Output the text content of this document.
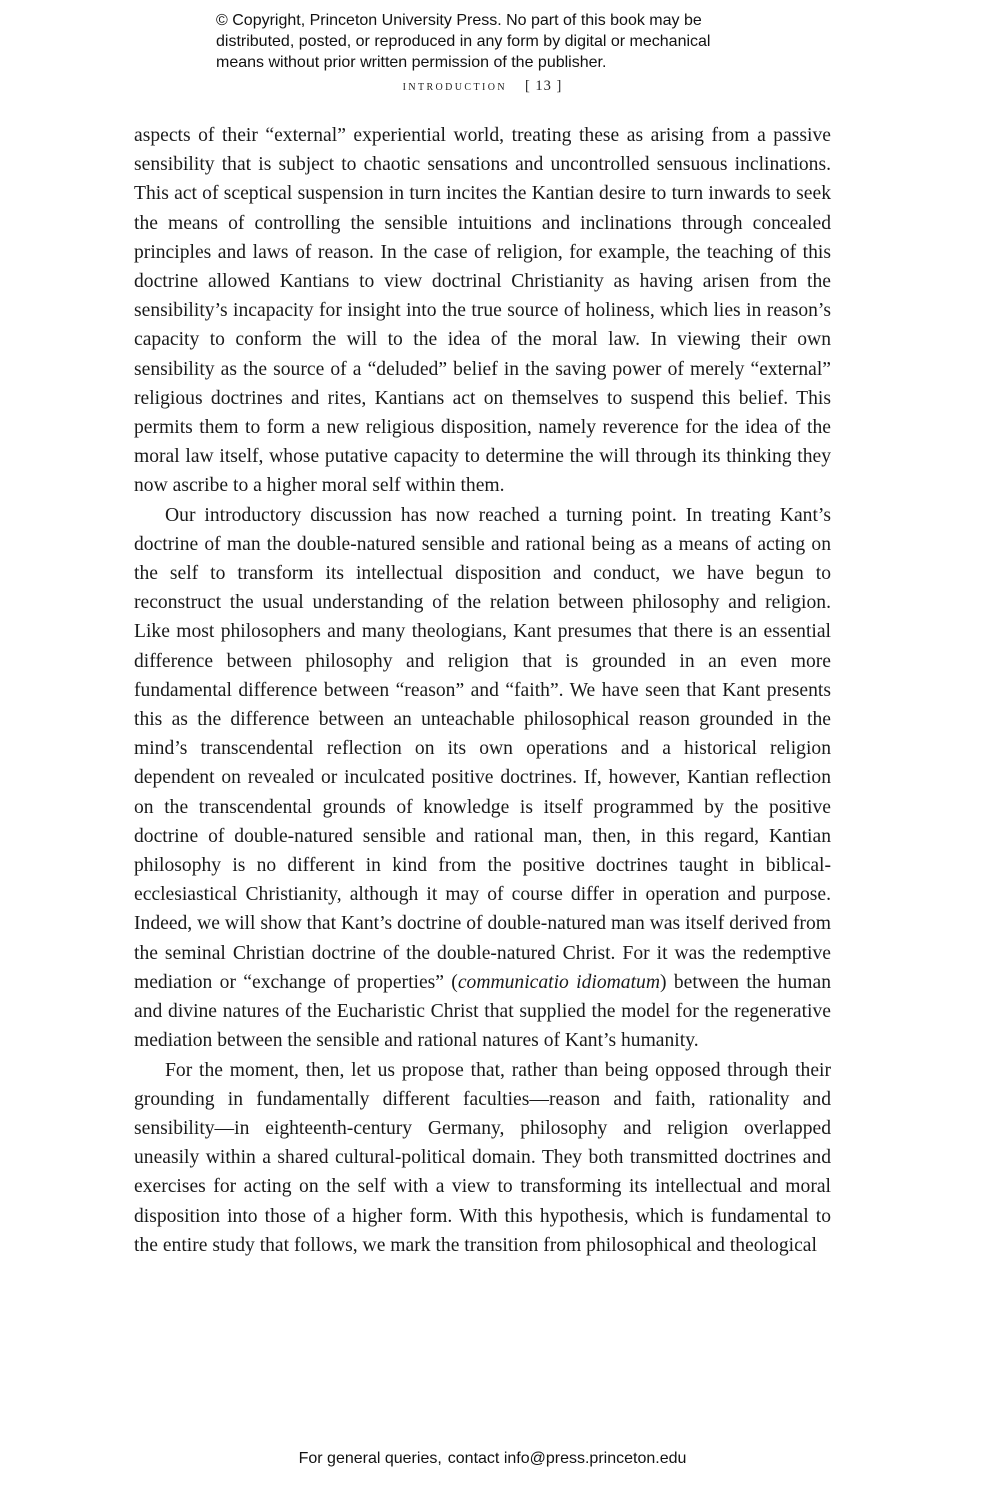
© Copyright, Princeton University Press. No part of this book may be
distributed, posted, or reproduced in any form by digital or mechanical
means without prior written permission of the publisher.
introduction [ 13 ]

aspects of their “external” experiential world, treating these as arising from a passive sensibility that is subject to chaotic sensations and uncontrolled sensuous inclinations. This act of sceptical suspension in turn incites the Kantian desire to turn inwards to seek the means of controlling the sensible intuitions and inclinations through concealed principles and laws of reason. In the case of religion, for example, the teaching of this doctrine allowed Kantians to view doctrinal Christianity as having arisen from the sensibility’s incapacity for insight into the true source of holiness, which lies in reason’s capacity to conform the will to the idea of the moral law. In viewing their own sensibility as the source of a “deluded” belief in the saving power of merely “external” religious doctrines and rites, Kantians act on themselves to suspend this belief. This permits them to form a new religious disposition, namely reverence for the idea of the moral law itself, whose putative capacity to determine the will through its thinking they now ascribe to a higher moral self within them.

Our introductory discussion has now reached a turning point. In treating Kant’s doctrine of man the double-natured sensible and rational being as a means of acting on the self to transform its intellectual disposition and conduct, we have begun to reconstruct the usual understanding of the relation between philosophy and religion. Like most philosophers and many theologians, Kant presumes that there is an essential difference between philosophy and religion that is grounded in an even more fundamental difference between “reason” and “faith”. We have seen that Kant presents this as the difference between an unteachable philosophical reason grounded in the mind’s transcendental reflection on its own operations and a historical religion dependent on revealed or inculcated positive doctrines. If, however, Kantian reflection on the transcendental grounds of knowledge is itself programmed by the positive doctrine of double-natured sensible and rational man, then, in this regard, Kantian philosophy is no different in kind from the positive doctrines taught in biblical-ecclesiastical Christianity, although it may of course differ in operation and purpose. Indeed, we will show that Kant’s doctrine of double-natured man was itself derived from the seminal Christian doctrine of the double-natured Christ. For it was the redemptive mediation or “exchange of properties” (communicatio idiomatum) between the human and divine natures of the Eucharistic Christ that supplied the model for the regenerative mediation between the sensible and rational natures of Kant’s humanity.

For the moment, then, let us propose that, rather than being opposed through their grounding in fundamentally different faculties—reason and faith, rationality and sensibility—in eighteenth-century Germany, philosophy and religion overlapped uneasily within a shared cultural-political domain. They both transmitted doctrines and exercises for acting on the self with a view to transforming its intellectual and moral disposition into those of a higher form. With this hypothesis, which is fundamental to the entire study that follows, we mark the transition from philosophical and theological

For general queries, contact info@press.princeton.edu
